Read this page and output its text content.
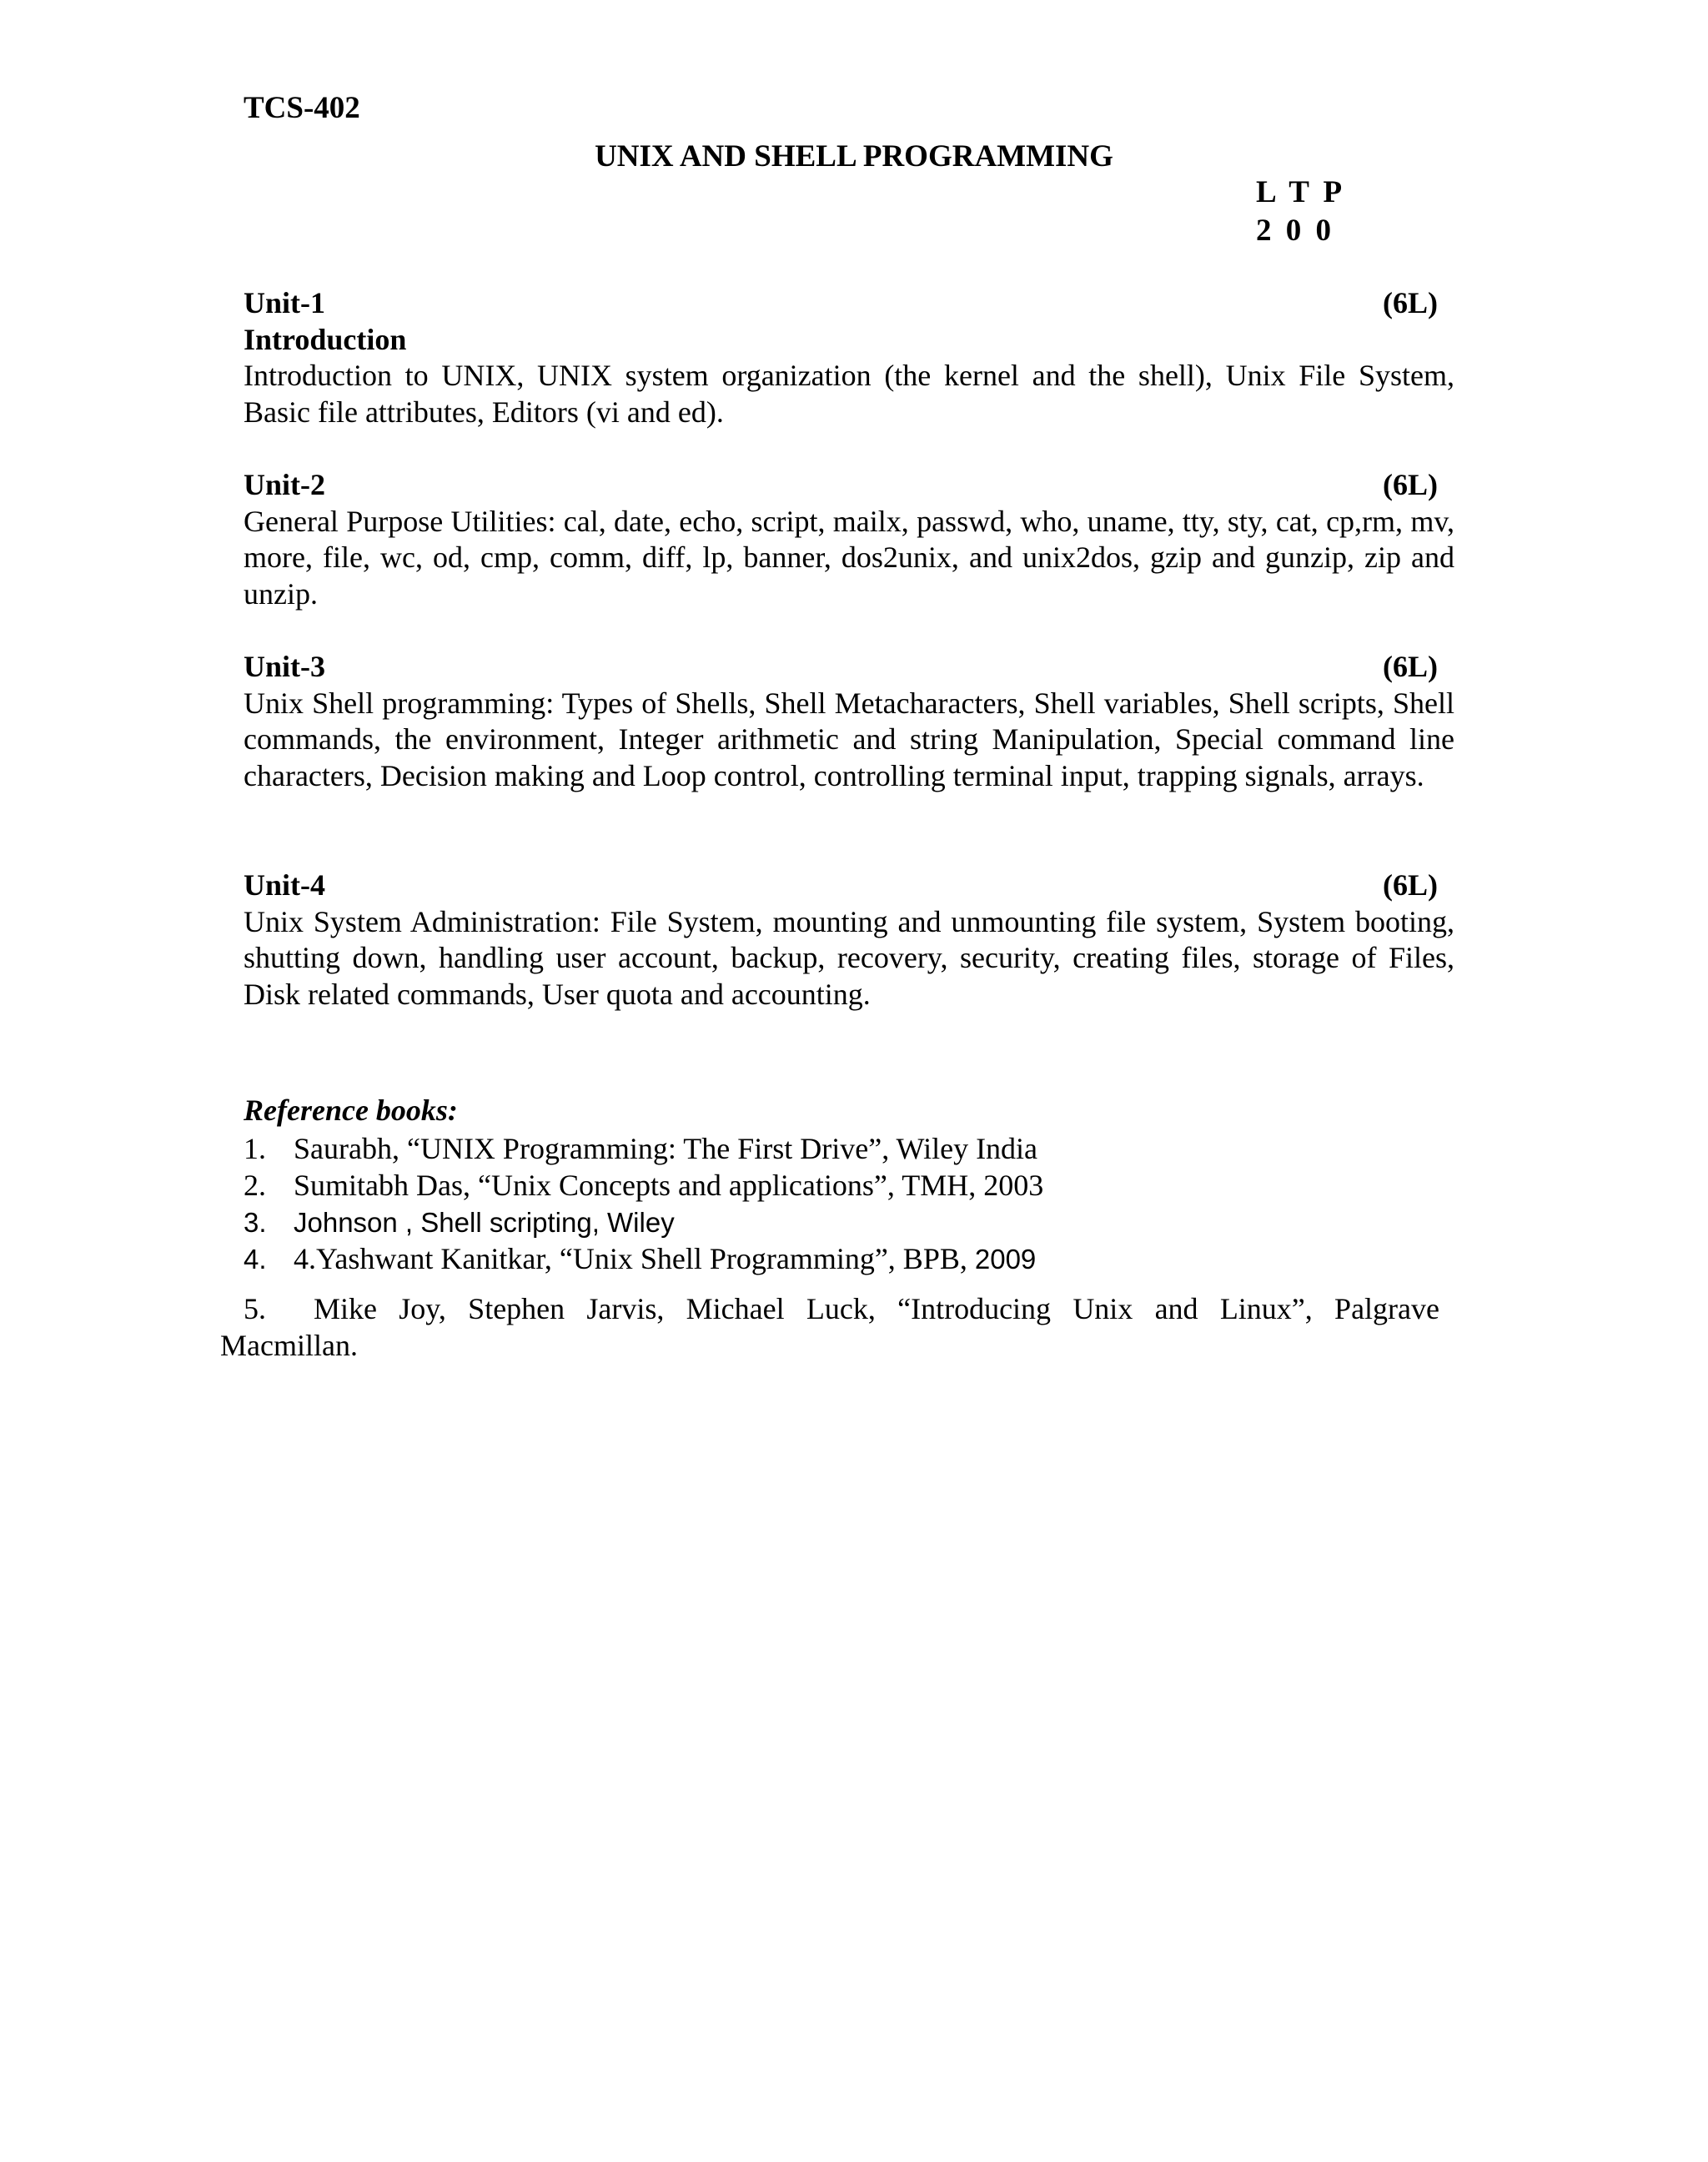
TCS-402
UNIX AND SHELL PROGRAMMING
L T P
2 0 0
Unit-1	(6L)
Introduction
Introduction to UNIX, UNIX system organization (the kernel and the shell), Unix File System, Basic file attributes, Editors (vi and ed).
Unit-2	(6L)
General Purpose Utilities: cal, date, echo, script, mailx, passwd, who, uname, tty, sty, cat, cp,rm, mv, more, file, wc, od, cmp, comm, diff, lp, banner, dos2unix, and unix2dos, gzip and gunzip, zip and unzip.
Unit-3	(6L)
Unix Shell programming: Types of Shells, Shell Metacharacters, Shell variables, Shell scripts, Shell commands, the environment, Integer arithmetic and string Manipulation, Special command line characters, Decision making and Loop control, controlling terminal input, trapping signals, arrays.
Unit-4	(6L)
Unix System Administration: File System, mounting and unmounting file system, System booting, shutting down, handling user account, backup, recovery, security, creating files, storage of Files, Disk related commands, User quota and accounting.
Reference books:
1. Saurabh, “UNIX Programming: The First Drive”, Wiley India
2. Sumitabh Das, “Unix Concepts and applications”, TMH, 2003
3. Johnson , Shell scripting, Wiley
4. 4.Yashwant Kanitkar, “Unix Shell Programming”, BPB, 2009
5. Mike Joy, Stephen Jarvis, Michael Luck, “Introducing Unix and Linux”, Palgrave Macmillan.
